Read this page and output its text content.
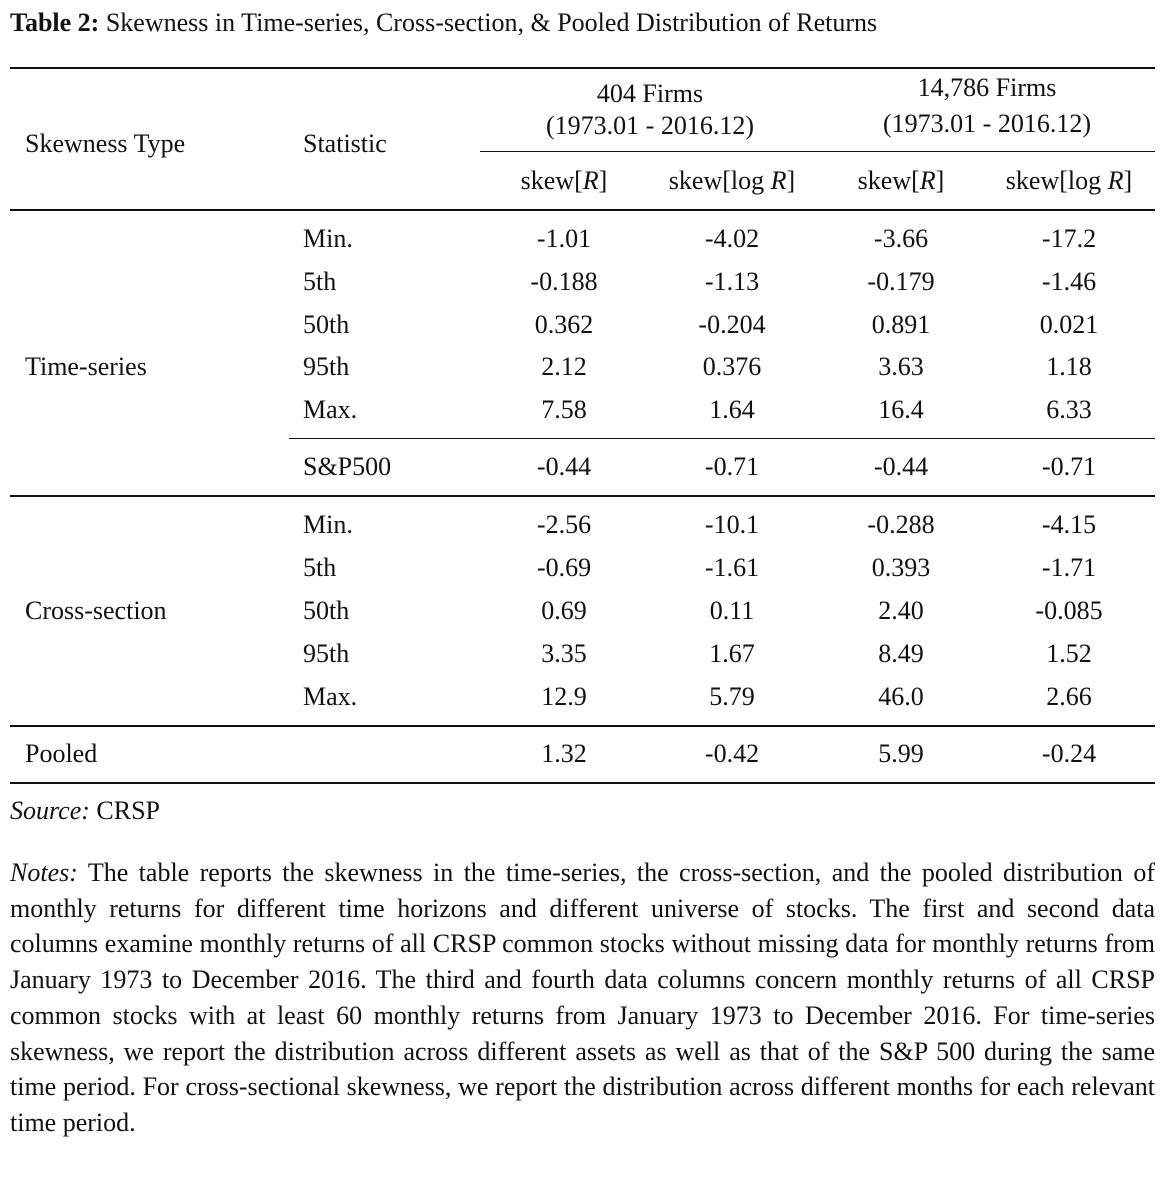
Table 2: Skewness in Time-series, Cross-section, & Pooled Distribution of Returns
Skewness Type	Statistic
404 Firms
(1973.01 - 2016.12)
14,786 Firms
(1973.01 - 2016.12)
skew[R]	skew[log R]	skew[R]	skew[log R]
Time-series
Min.	-1.01	-4.02	-3.66	-17.2
5th	-0.188	-1.13	-0.179	-1.46
50th	0.362	-0.204	0.891	0.021
95th	2.12	0.376	3.63	1.18
Max.	7.58	1.64	16.4	6.33
S&P500	-0.44	-0.71	-0.44	-0.71
Cross-section
Min.	-2.56	-10.1	-0.288	-4.15
5th	-0.69	-1.61	0.393	-1.71
50th	0.69	0.11	2.40	-0.085
95th	3.35	1.67	8.49	1.52
Max.	12.9	5.79	46.0	2.66
Pooled	1.32	-0.42	5.99	-0.24
Source: CRSP
Notes: The table reports the skewness in the time-series, the cross-section, and the pooled distribution of monthly returns for different time horizons and different universe of stocks. The first and second data columns examine monthly returns of all CRSP common stocks without missing data for monthly returns from January 1973 to December 2016. The third and fourth data columns concern monthly returns of all CRSP common stocks with at least 60 monthly returns from January 1973 to December 2016. For time-series skewness, we report the distribution across different assets as well as that of the S&P 500 during the same time period. For cross-sectional skewness, we report the distribution across different months for each relevant time period.
